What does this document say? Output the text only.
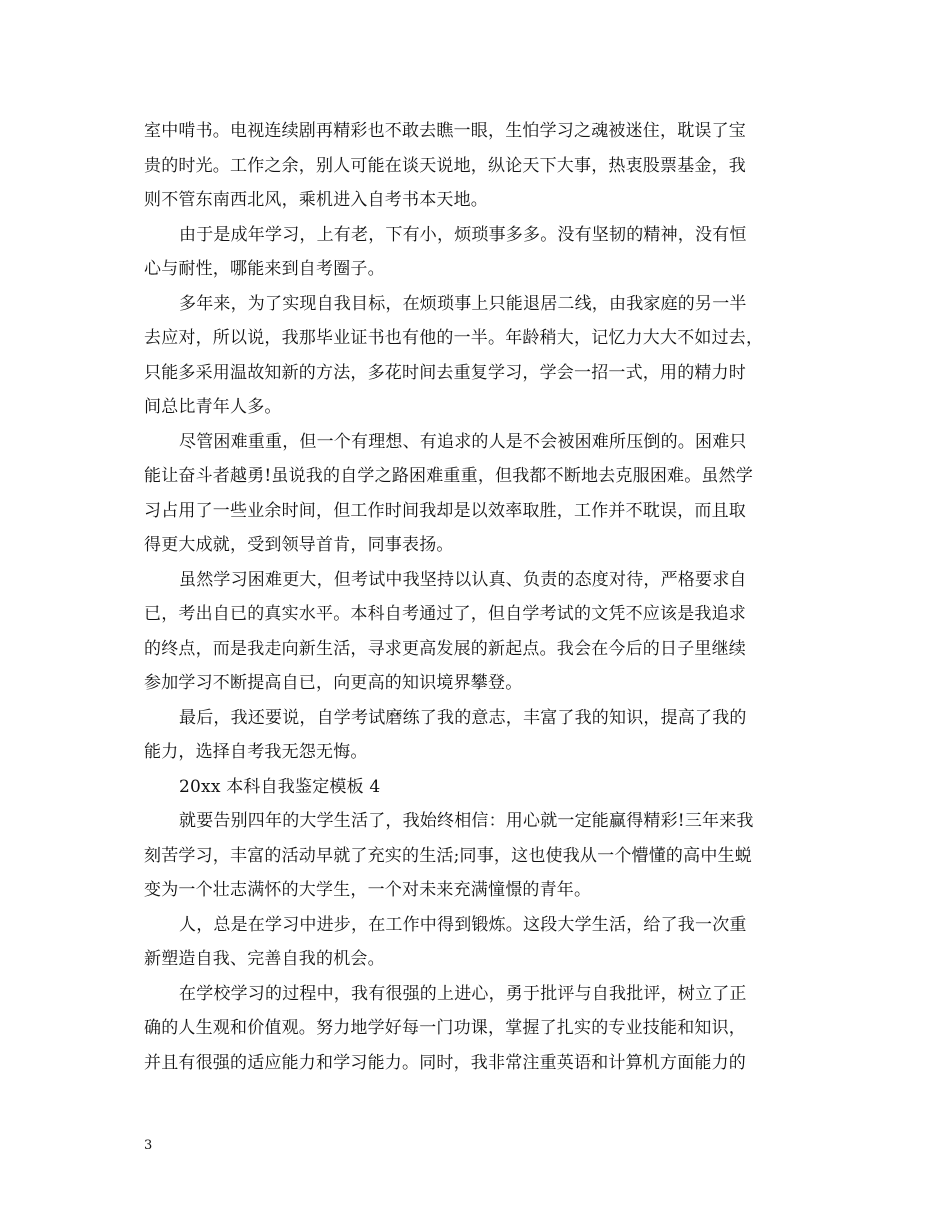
室中啃书。电视连续剧再精彩也不敢去瞧一眼，生怕学习之魂被迷住，耽误了宝
贵的时光。工作之余，别人可能在谈天说地，纵论天下大事，热衷股票基金，我
则不管东南西北风，乘机进入自考书本天地。
由于是成年学习，上有老，下有小，烦琐事多多。没有坚韧的精神，没有恒
心与耐性，哪能来到自考圈子。
多年来，为了实现自我目标，在烦琐事上只能退居二线，由我家庭的另一半
去应对，所以说，我那毕业证书也有他的一半。年龄稍大，记忆力大大不如过去，
只能多采用温故知新的方法，多花时间去重复学习，学会一招一式，用的精力时
间总比青年人多。
尽管困难重重，但一个有理想、有追求的人是不会被困难所压倒的。困难只
能让奋斗者越勇!虽说我的自学之路困难重重，但我都不断地去克服困难。虽然学
习占用了一些业余时间，但工作时间我却是以效率取胜，工作并不耽误，而且取
得更大成就，受到领导首肯，同事表扬。
虽然学习困难更大，但考试中我坚持以认真、负责的态度对待，严格要求自
已，考出自已的真实水平。本科自考通过了，但自学考试的文凭不应该是我追求
的终点，而是我走向新生活，寻求更高发展的新起点。我会在今后的日子里继续
参加学习不断提高自已，向更高的知识境界攀登。
最后，我还要说，自学考试磨练了我的意志，丰富了我的知识，提高了我的
能力，选择自考我无怨无悔。
20xx 本科自我鉴定模板 4
就要告别四年的大学生活了，我始终相信：用心就一定能赢得精彩!三年来我
刻苦学习，丰富的活动早就了充实的生活;同事，这也使我从一个懵懂的高中生蜕
变为一个壮志满怀的大学生，一个对未来充满憧憬的青年。
人，总是在学习中进步，在工作中得到锻炼。这段大学生活，给了我一次重
新塑造自我、完善自我的机会。
在学校学习的过程中，我有很强的上进心，勇于批评与自我批评，树立了正
确的人生观和价值观。努力地学好每一门功课，掌握了扎实的专业技能和知识，
并且有很强的适应能力和学习能力。同时，我非常注重英语和计算机方面能力的
3
